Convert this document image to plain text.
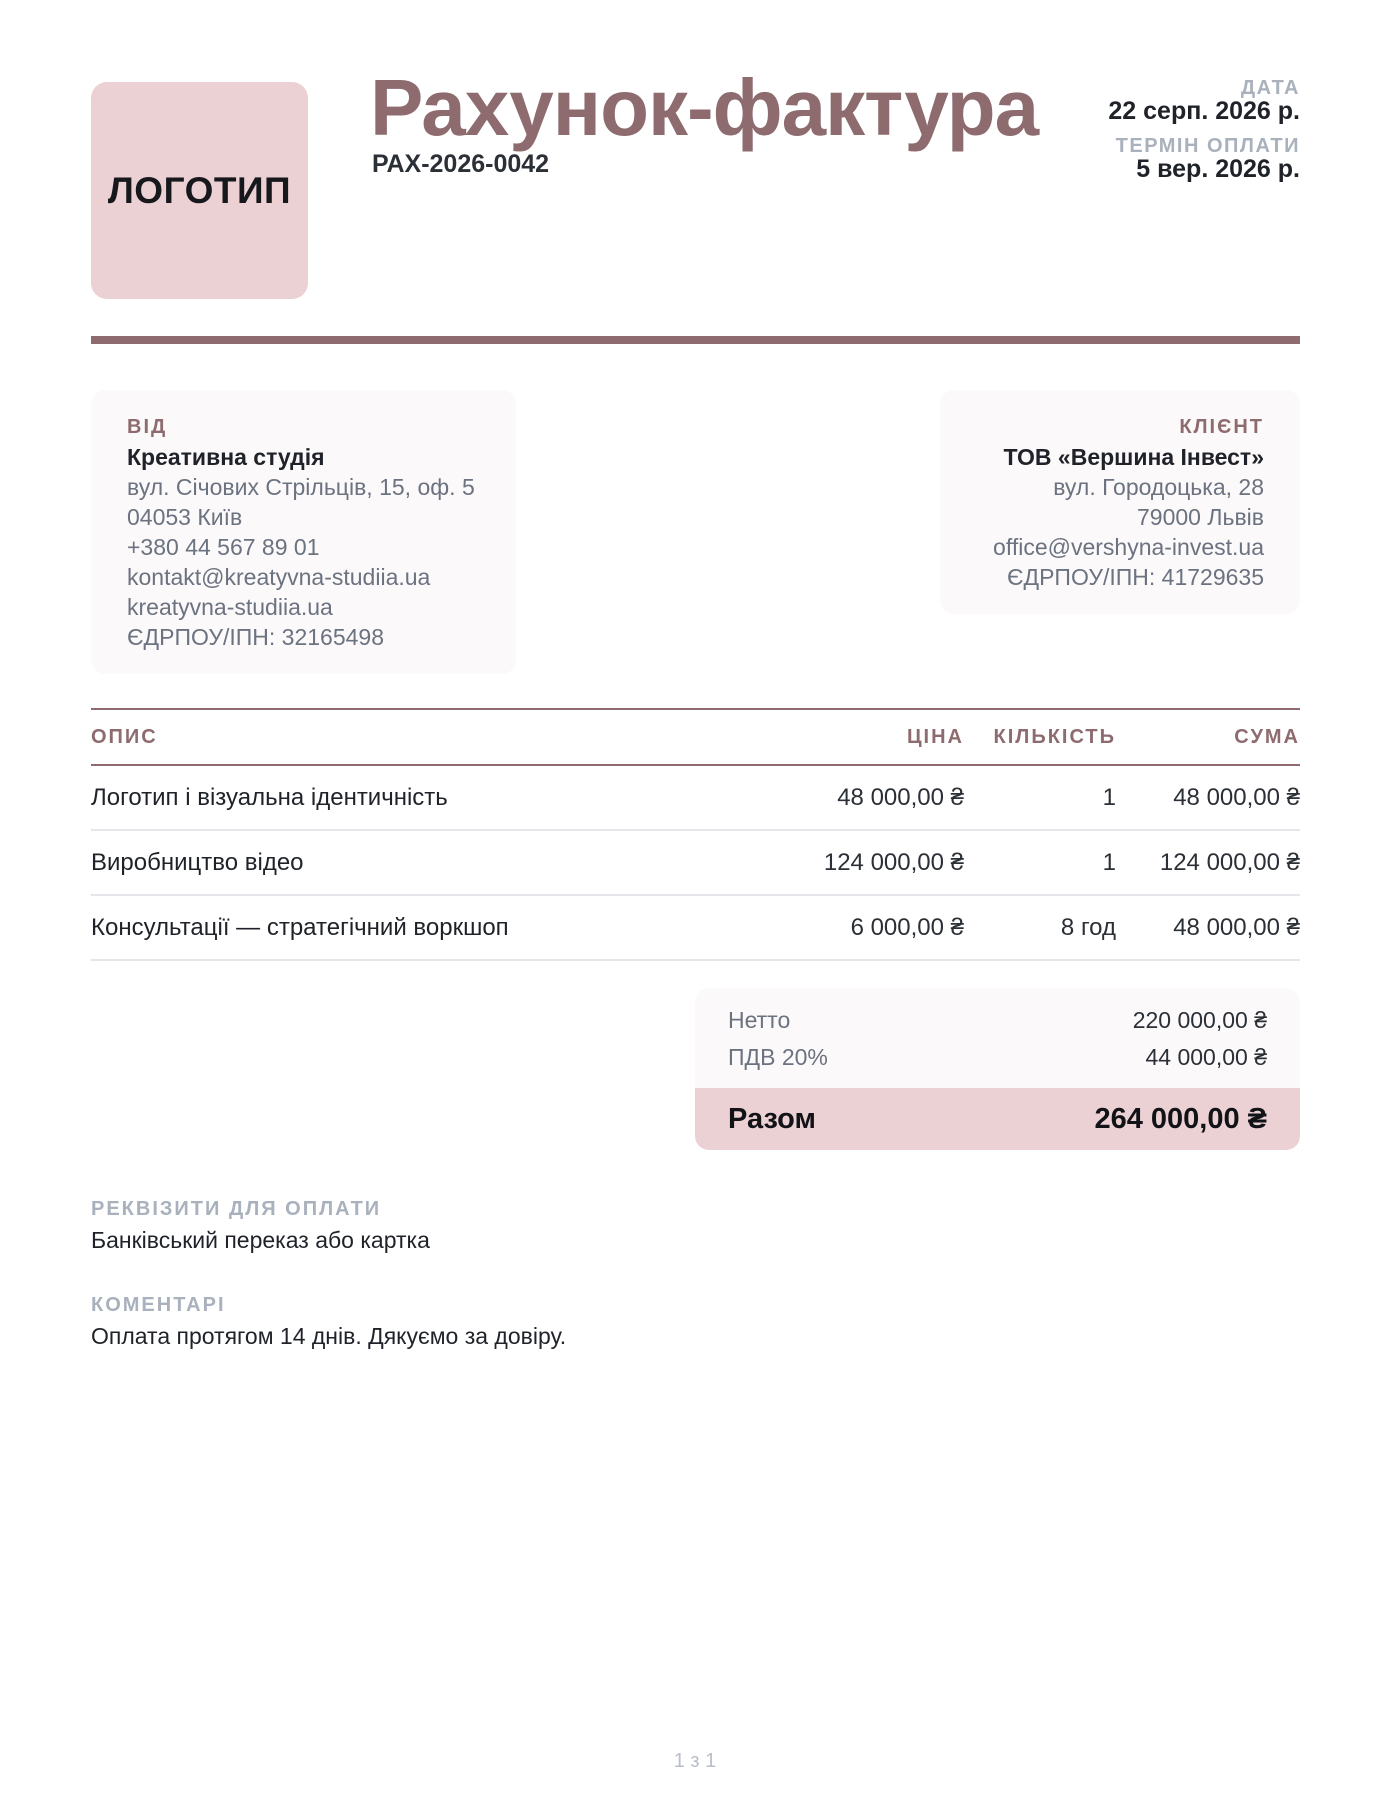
ЛОГОТИП
Рахунок-фактура
РАХ-2026-0042
ДАТА
22 серп. 2026 р.
ТЕРМІН ОПЛАТИ
5 вер. 2026 р.
ВІД
Креативна студія
вул. Січових Стрільців, 15, оф. 5
04053 Київ
+380 44 567 89 01
kontakt@kreatyvna-studiia.ua
kreatyvna-studiia.ua
ЄДРПОУ/ІПН: 32165498
КЛІЄНТ
ТОВ «Вершина Інвест»
вул. Городоцька, 28
79000 Львів
office@vershyna-invest.ua
ЄДРПОУ/ІПН: 41729635
ОПИС	ЦІНА	КІЛЬКІСТЬ	СУМА
Логотип і візуальна ідентичність	48 000,00 ₴	1	48 000,00 ₴
Виробництво відео	124 000,00 ₴	1	124 000,00 ₴
Консультації — стратегічний воркшоп	6 000,00 ₴	8 год	48 000,00 ₴
Нетто	220 000,00 ₴
ПДВ 20%	44 000,00 ₴
Разом	264 000,00 ₴
РЕКВІЗИТИ ДЛЯ ОПЛАТИ
Банківський переказ або картка
КОМЕНТАРІ
Оплата протягом 14 днів. Дякуємо за довіру.
1 з 1
